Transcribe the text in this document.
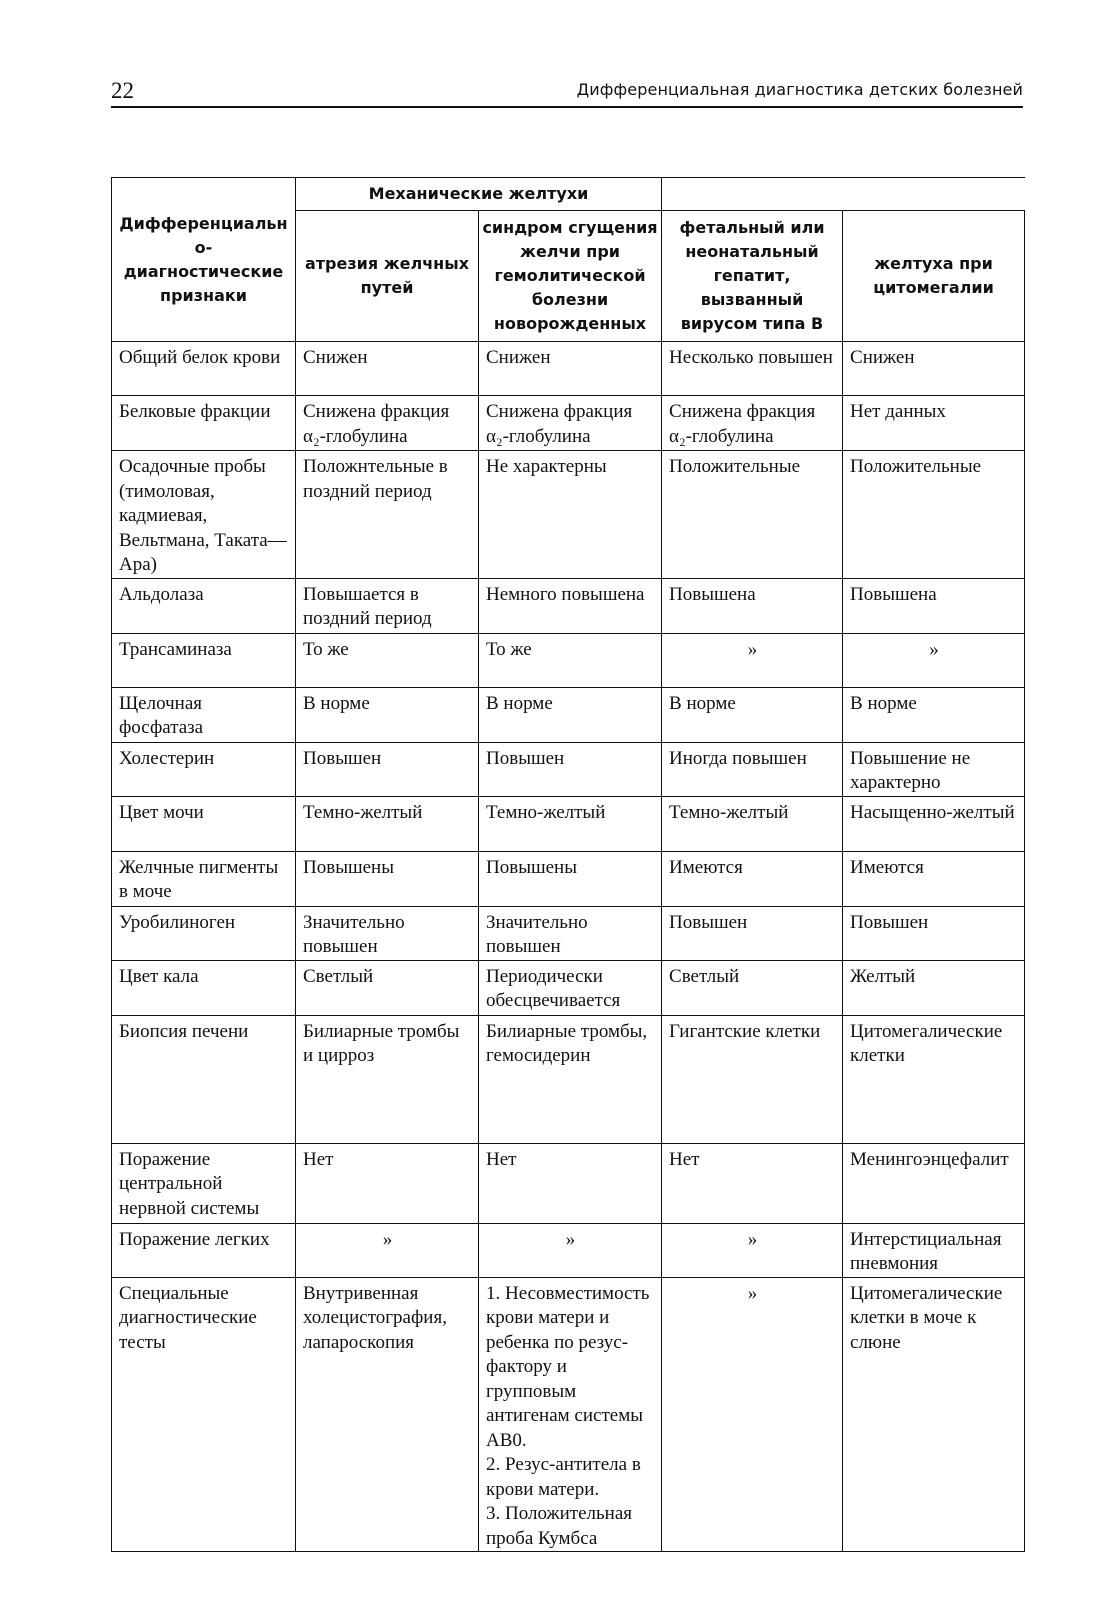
22	Дифференциальная диагностика детских болезней
Дифференциально-диагностические признаки	Механические желтухи			
	атрезия желчных путей	синдром сгущения желчи при гемолитической болезни новорожденных	фетальный или неонатальный гепатит, вызванный вирусом типа В	желтуха при цитомегалии
Общий белок крови	Снижен	Снижен	Несколько повышен	Снижен
Белковые фракции	Снижена фракция α₂-глобулина	Снижена фракция α₂-глобулина	Снижена фракция α₂-глобулина	Нет данных
Осадочные пробы (тимоловая, кадмиевая, Вельтмана, Таката—Ара)	Положнтельные в поздний период	Не характерны	Положительные	Положительные
Альдолаза	Повышается в поздний период	Немного повышена	Повышена	Повышена
Трансаминаза	То же	То же	»	»
Щелочная фосфатаза	В норме	В норме	В норме	В норме
Холестерин	Повышен	Повышен	Иногда повышен	Повышение не характерно
Цвет мочи	Темно-желтый	Темно-желтый	Темно-желтый	Насыщенно-желтый
Желчные пигменты в моче	Повышены	Повышены	Имеются	Имеются
Уробилиноген	Значительно повышен	Значительно повышен	Повышен	Повышен
Цвет кала	Светлый	Периодически обесцвечивается	Светлый	Желтый
Биопсия печени	Билиарные тромбы и цирроз	Билиарные тромбы, гемосидерин	Гигантские клетки	Цитомегалические клетки
Поражение центральной нервной системы	Нет	Нет	Нет	Менингоэнцефалит
Поражение легких	»	»	»	Интерстициальная пневмония
Специальные диагностические тесты	Внутривенная холецистография, лапароскопия	1. Несовместимость крови матери и ребенка по резус-фактору и групповым антигенам системы АВ0.
2. Резус-антитела в крови матери.
3. Положительная проба Кумбса	»	Цитомегалические клетки в моче к слюне
